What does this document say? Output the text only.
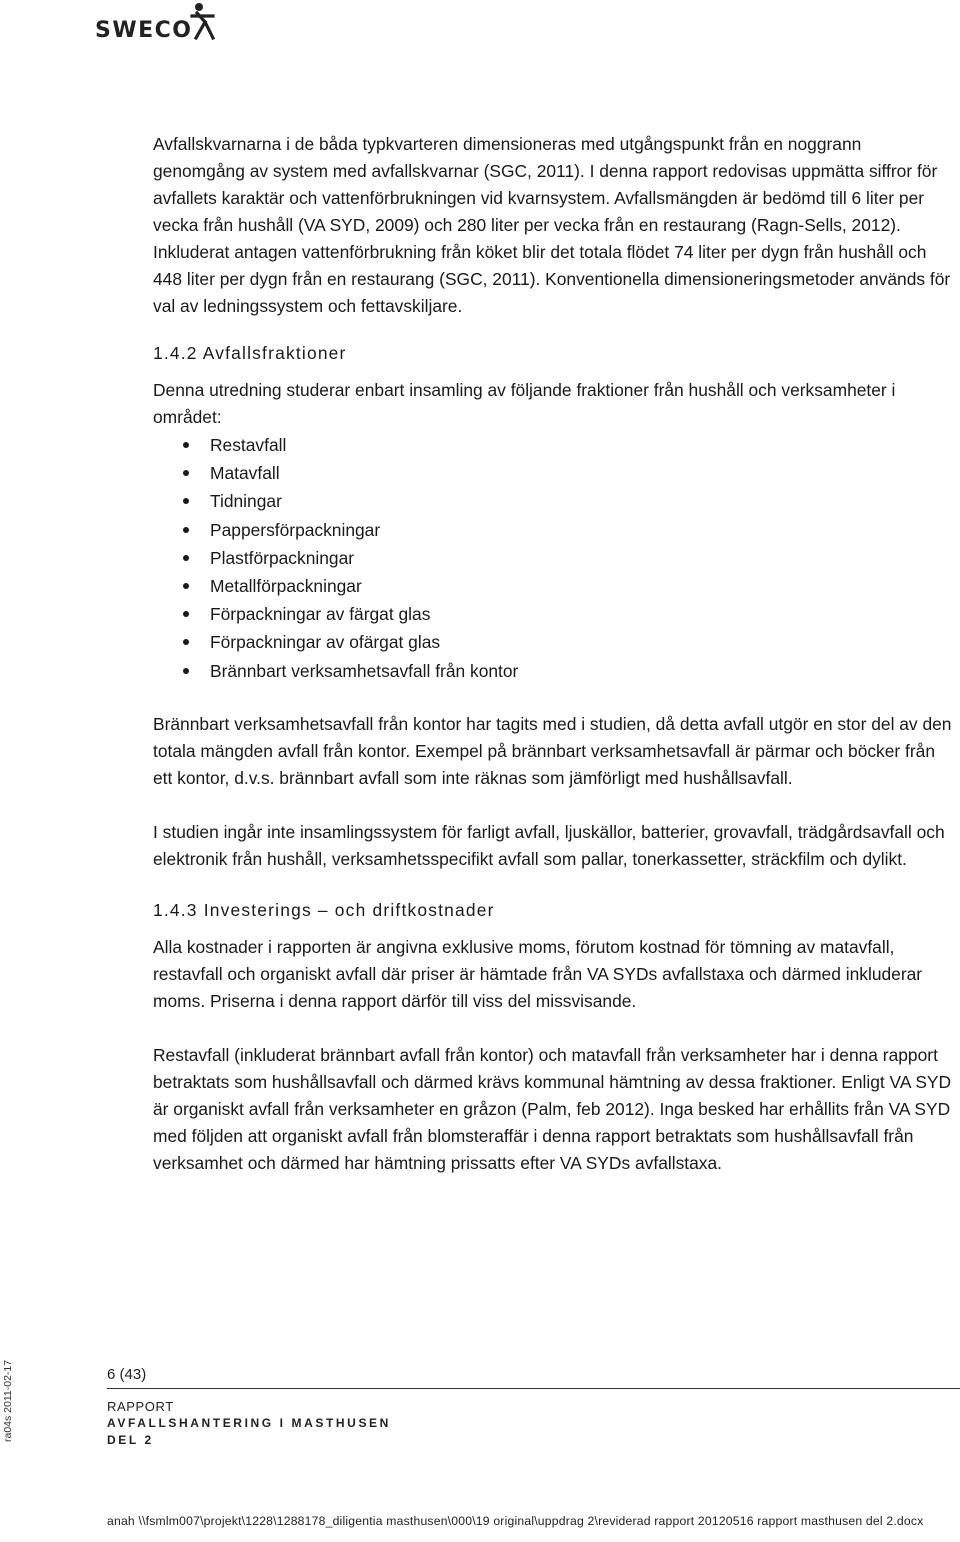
SWECO

Avfallskvarnarna i de båda typkvarteren dimensioneras med utgångspunkt från en noggrann genomgång av system med avfallskvarnar (SGC, 2011). I denna rapport redovisas uppmätta siffror för avfallets karaktär och vattenförbrukningen vid kvarnsystem. Avfallsmängden är bedömd till 6 liter per vecka från hushåll (VA SYD, 2009) och 280 liter per vecka från en restaurang (Ragn-Sells, 2012). Inkluderat antagen vattenförbrukning från köket blir det totala flödet 74 liter per dygn från hushåll och 448 liter per dygn från en restaurang (SGC, 2011). Konventionella dimensioneringsmetoder används för val av ledningssystem och fettavskiljare.

1.4.2 Avfallsfraktioner

Denna utredning studerar enbart insamling av följande fraktioner från hushåll och verksamheter i området:

Restavfall
Matavfall
Tidningar
Pappersförpackningar
Plastförpackningar
Metallförpackningar
Förpackningar av färgat glas
Förpackningar av ofärgat glas
Brännbart verksamhetsavfall från kontor

Brännbart verksamhetsavfall från kontor har tagits med i studien, då detta avfall utgör en stor del av den totala mängden avfall från kontor. Exempel på brännbart verksamhetsavfall är pärmar och böcker från ett kontor, d.v.s. brännbart avfall som inte räknas som jämförligt med hushållsavfall.

I studien ingår inte insamlingssystem för farligt avfall, ljuskällor, batterier, grovavfall, trädgårdsavfall och elektronik från hushåll, verksamhetsspecifikt avfall som pallar, tonerkassetter, sträckfilm och dylikt.

1.4.3 Investerings – och driftkostnader

Alla kostnader i rapporten är angivna exklusive moms, förutom kostnad för tömning av matavfall, restavfall och organiskt avfall där priser är hämtade från VA SYDs avfallstaxa och därmed inkluderar moms. Priserna i denna rapport därför till viss del missvisande.

Restavfall (inkluderat brännbart avfall från kontor) och matavfall från verksamheter har i denna rapport betraktats som hushållsavfall och därmed krävs kommunal hämtning av dessa fraktioner. Enligt VA SYD är organiskt avfall från verksamheter en gråzon (Palm, feb 2012). Inga besked har erhållits från VA SYD med följden att organiskt avfall från blomsteraffär i denna rapport betraktats som hushållsavfall från verksamhet och därmed har hämtning prissatts efter VA SYDs avfallstaxa.

6 (43)
RAPPORT
AVFALLSHANTERING I MASTHUSEN
DEL 2
anah \\fsmlm007\projekt\1228\1288178_diligentia masthusen\000\19 original\uppdrag 2\reviderad rapport 20120516 rapport masthusen del 2.docx
ra04s 2011-02-17
